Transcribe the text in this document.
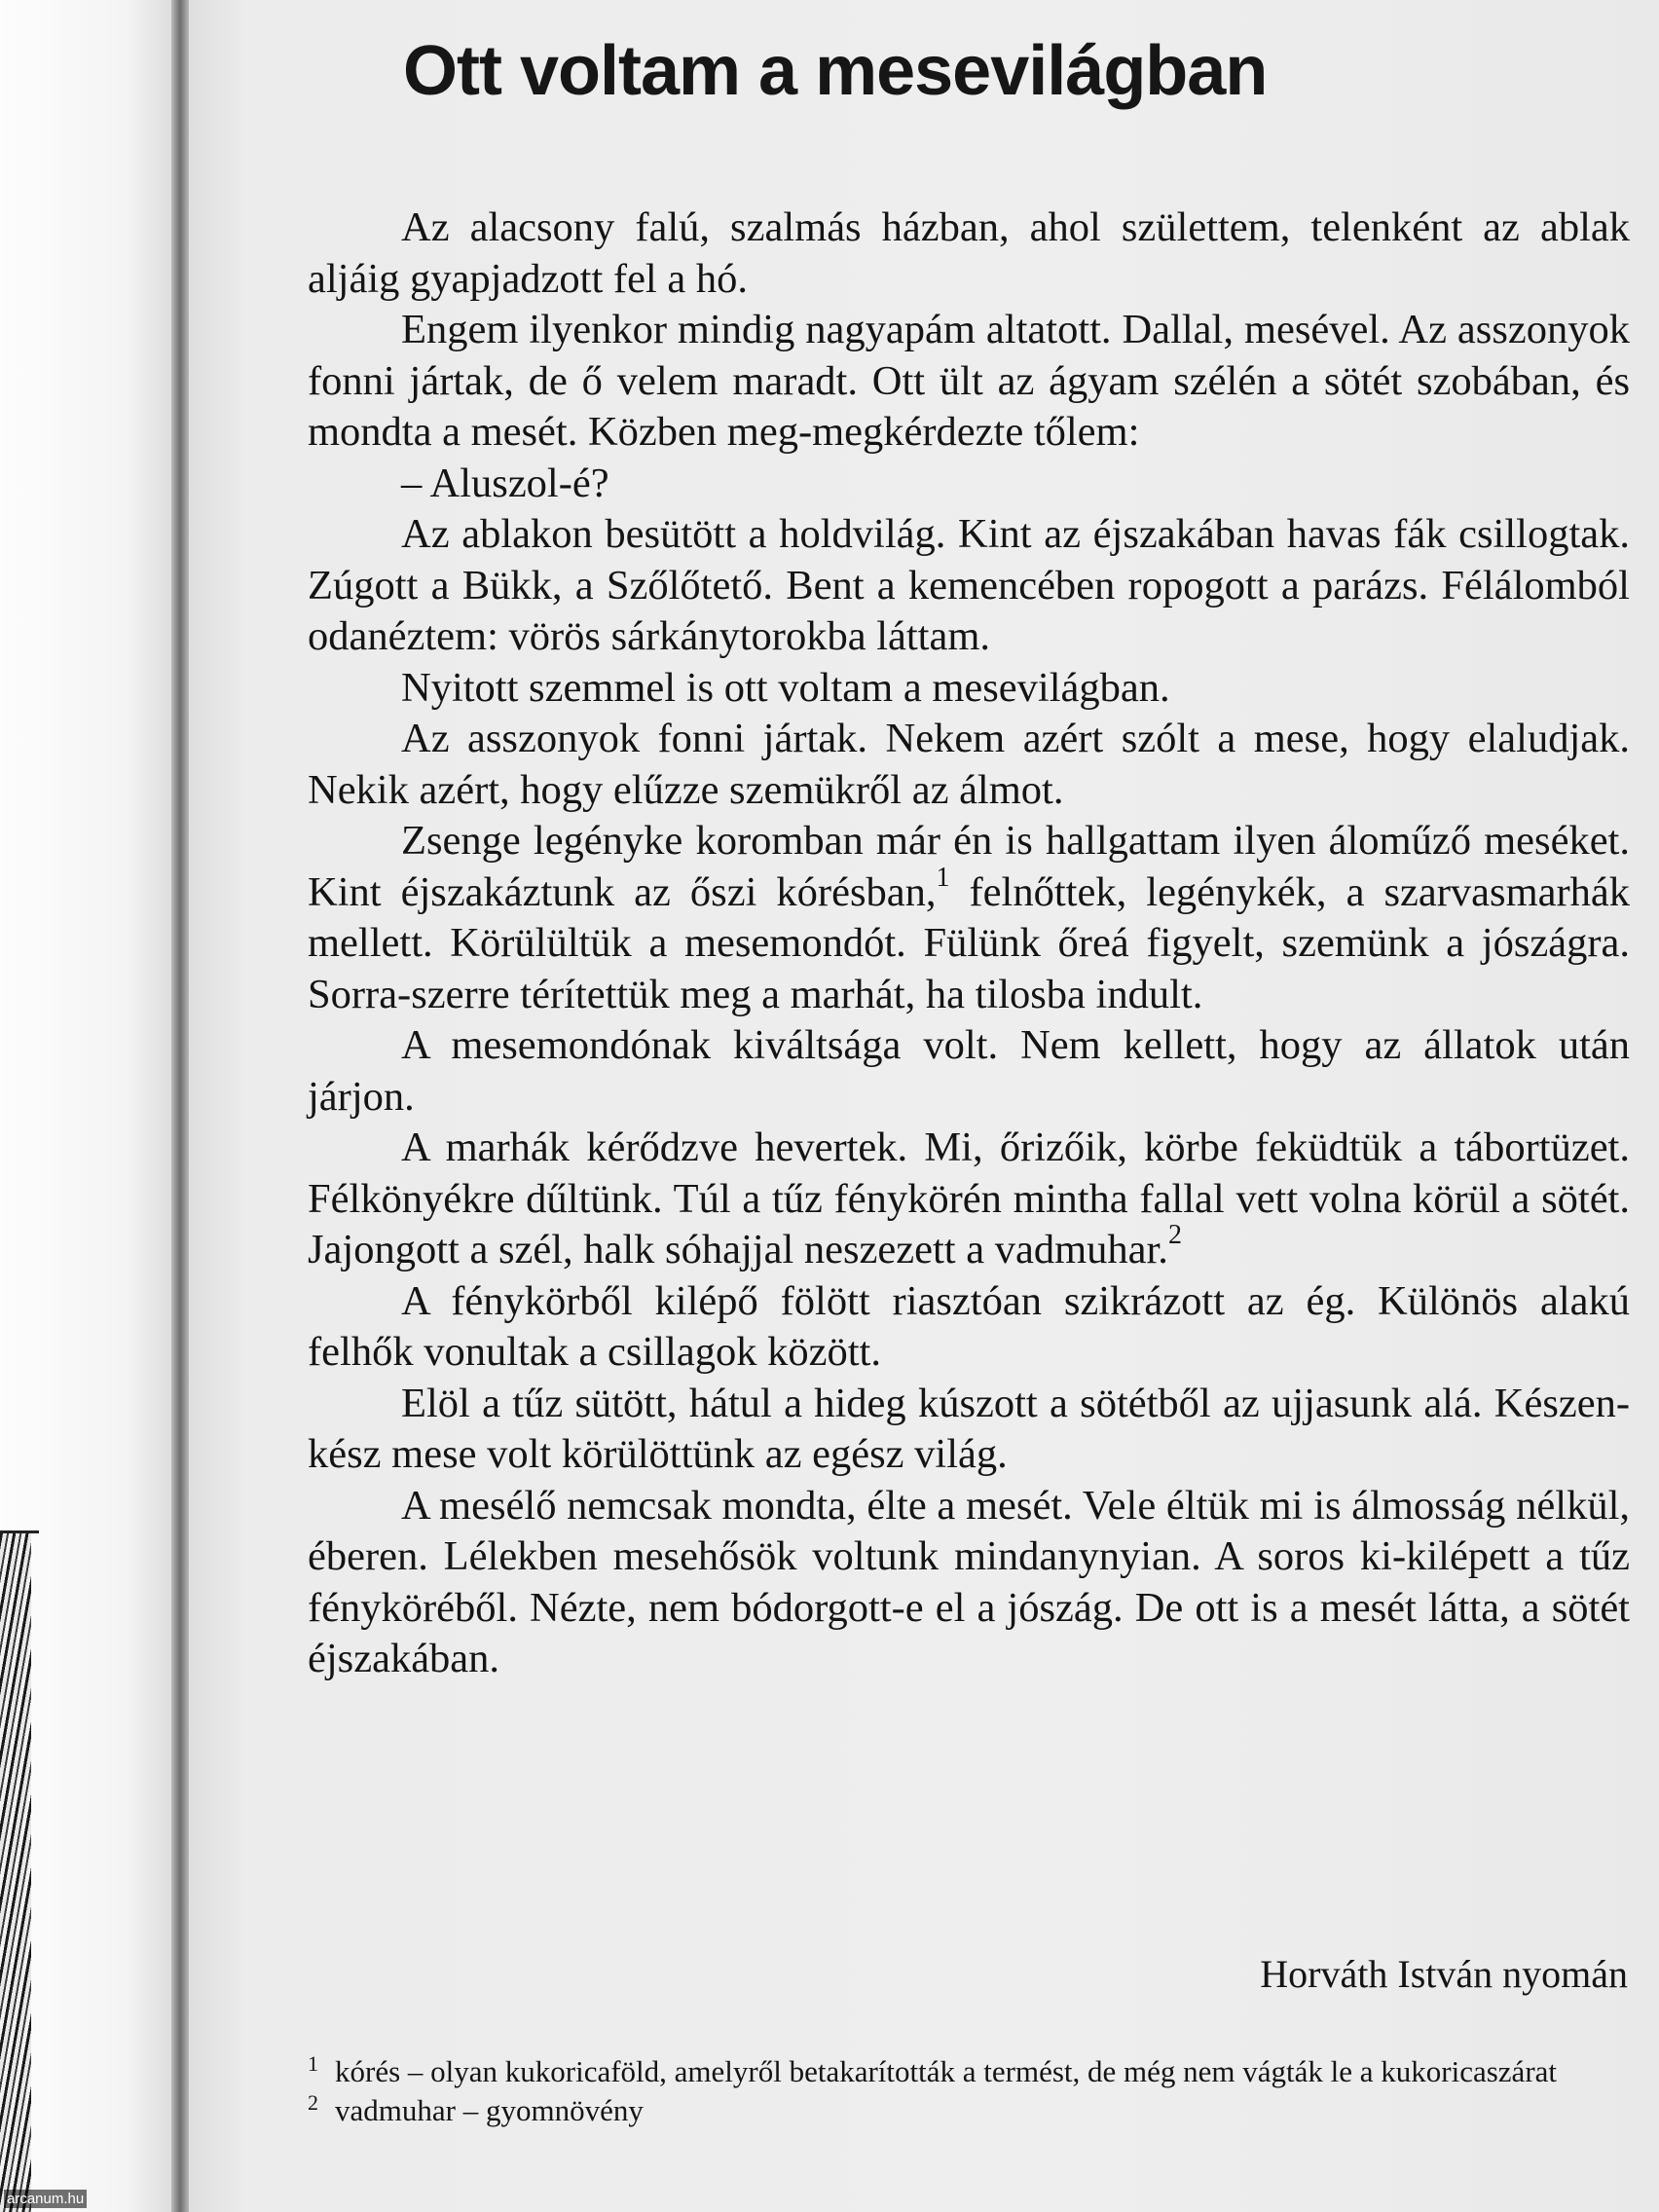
Ott voltam a mesevilágban

Az alacsony falú, szalmás házban, ahol születtem, telenként az ablak aljáig gyapjadzott fel a hó.

Engem ilyenkor mindig nagyapám altatott. Dallal, mesével. Az asszonyok fonni jártak, de ő velem maradt. Ott ült az ágyam szélén a sötét szobában, és mondta a mesét. Közben meg-megkérdezte tőlem:

– Aluszol-é?

Az ablakon besütött a holdvilág. Kint az éjszakában havas fák csillogtak. Zúgott a Bükk, a Szőlőtető. Bent a kemencében ropogott a parázs. Félálomból odanéztem: vörös sárkánytorokba láttam.

Nyitott szemmel is ott voltam a mesevilágban.

Az asszonyok fonni jártak. Nekem azért szólt a mese, hogy elaludjak. Nekik azért, hogy elűzze szemükről az álmot.

Zsenge legényke koromban már én is hallgattam ilyen áloműző meséket. Kint éjszakáztunk az őszi kórésban,$^1$ felnőttek, legénykék, a szarvasmarhák mellett. Körülültük a mesemondót. Fülünk őreá figyelt, szemünk a jószágra. Sorra-szerre térítettük meg a marhát, ha tilosba indult.

A mesemondónak kiváltsága volt. Nem kellett, hogy az állatok után járjon.

A marhák kérődzve hevertek. Mi, őrizőik, körbe feküdtük a tábortüzet. Félkönyékre dűltünk. Túl a tűz fénykörén mintha fallal vett volna körül a sötét. Jajongott a szél, halk sóhajjal neszezett a vadmuhar.$^2$

A fénykörből kilépő fölött riasztóan szikrázott az ég. Különös alakú felhők vonultak a csillagok között.

Elöl a tűz sütött, hátul a hideg kúszott a sötétből az ujjasunk alá. Készen-kész mese volt körülöttünk az egész világ.

A mesélő nemcsak mondta, élte a mesét. Vele éltük mi is álmosság nélkül, éberen. Lélekben mesehősök voltunk mindanynyian. A soros ki-kilépett a tűz fényköréből. Nézte, nem bódorgott-e el a jószág. De ott is a mesét látta, a sötét éjszakában.

Horváth István nyomán
1 kórés – olyan kukoricaföld, amelyről betakarították a termést, de még nem vágták le a kukoricaszárat
2 vadmuhar – gyomnövény
arcanum.hu
